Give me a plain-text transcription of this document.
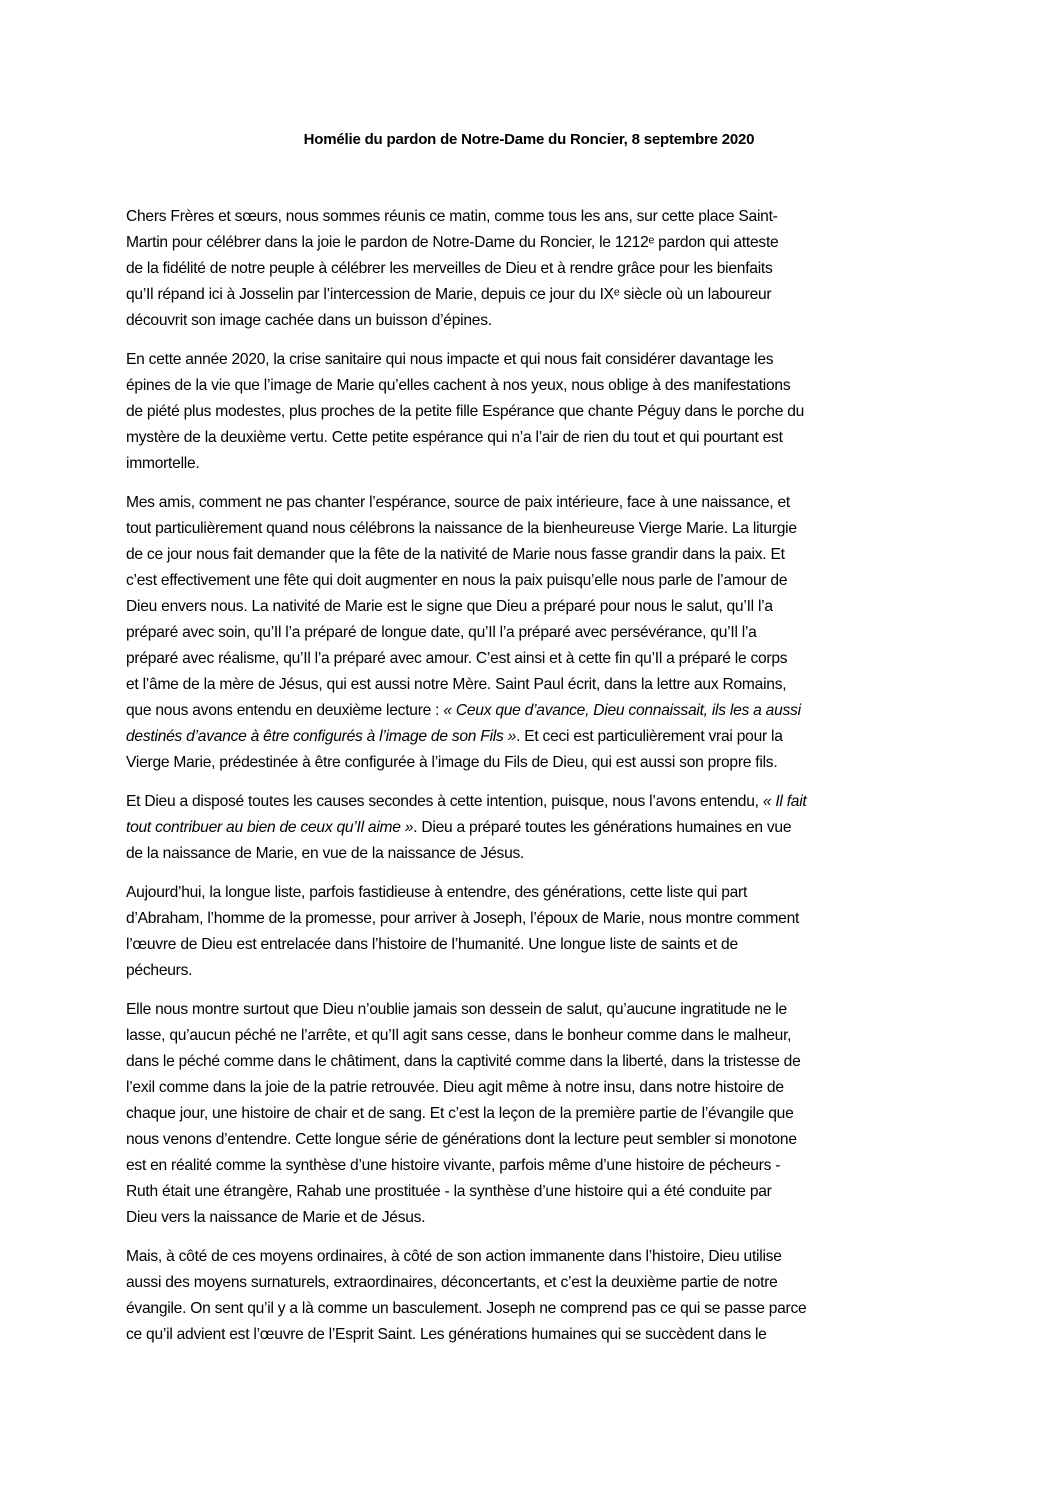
Homélie du pardon de Notre-Dame du Roncier, 8 septembre 2020

Chers Frères et sœurs, nous sommes réunis ce matin, comme tous les ans, sur cette place Saint-
Martin pour célébrer dans la joie le pardon de Notre-Dame du Roncier, le 1212ᵉ pardon qui atteste
de la fidélité de notre peuple à célébrer les merveilles de Dieu et à rendre grâce pour les bienfaits
qu’Il répand ici à Josselin par l’intercession de Marie, depuis ce jour du IXᵉ siècle où un laboureur
découvrit son image cachée dans un buisson d’épines.

En cette année 2020, la crise sanitaire qui nous impacte et qui nous fait considérer davantage les
épines de la vie que l’image de Marie qu’elles cachent à nos yeux, nous oblige à des manifestations
de piété plus modestes, plus proches de la petite fille Espérance que chante Péguy dans le porche du
mystère de la deuxième vertu. Cette petite espérance qui n’a l’air de rien du tout et qui pourtant est
immortelle.

Mes amis, comment ne pas chanter l’espérance, source de paix intérieure, face à une naissance, et
tout particulièrement quand nous célébrons la naissance de la bienheureuse Vierge Marie. La liturgie
de ce jour nous fait demander que la fête de la nativité de Marie nous fasse grandir dans la paix. Et
c’est effectivement une fête qui doit augmenter en nous la paix puisqu’elle nous parle de l’amour de
Dieu envers nous. La nativité de Marie est le signe que Dieu a préparé pour nous le salut, qu’Il l’a
préparé avec soin, qu’Il l’a préparé de longue date, qu’Il l’a préparé avec persévérance, qu’Il l’a
préparé avec réalisme, qu’Il l’a préparé avec amour. C’est ainsi et à cette fin qu’Il a préparé le corps
et l’âme de la mère de Jésus, qui est aussi notre Mère. Saint Paul écrit, dans la lettre aux Romains,
que nous avons entendu en deuxième lecture : « Ceux que d’avance, Dieu connaissait, ils les a aussi
destinés d’avance à être configurés à l’image de son Fils ». Et ceci est particulièrement vrai pour la
Vierge Marie, prédestinée à être configurée à l’image du Fils de Dieu, qui est aussi son propre fils.

Et Dieu a disposé toutes les causes secondes à cette intention, puisque, nous l’avons entendu, « Il fait
tout contribuer au bien de ceux qu’Il aime ». Dieu a préparé toutes les générations humaines en vue
de la naissance de Marie, en vue de la naissance de Jésus.

Aujourd’hui, la longue liste, parfois fastidieuse à entendre, des générations, cette liste qui part
d’Abraham, l’homme de la promesse, pour arriver à Joseph, l’époux de Marie, nous montre comment
l’œuvre de Dieu est entrelacée dans l’histoire de l’humanité. Une longue liste de saints et de
pécheurs.

Elle nous montre surtout que Dieu n’oublie jamais son dessein de salut, qu’aucune ingratitude ne le
lasse, qu’aucun péché ne l’arrête, et qu’Il agit sans cesse, dans le bonheur comme dans le malheur,
dans le péché comme dans le châtiment, dans la captivité comme dans la liberté, dans la tristesse de
l’exil comme dans la joie de la patrie retrouvée. Dieu agit même à notre insu, dans notre histoire de
chaque jour, une histoire de chair et de sang. Et c’est la leçon de la première partie de l’évangile que
nous venons d’entendre. Cette longue série de générations dont la lecture peut sembler si monotone
est en réalité comme la synthèse d’une histoire vivante, parfois même d’une histoire de pécheurs -
Ruth était une étrangère, Rahab une prostituée - la synthèse d’une histoire qui a été conduite par
Dieu vers la naissance de Marie et de Jésus.

Mais, à côté de ces moyens ordinaires, à côté de son action immanente dans l’histoire, Dieu utilise
aussi des moyens surnaturels, extraordinaires, déconcertants, et c’est la deuxième partie de notre
évangile. On sent qu’il y a là comme un basculement. Joseph ne comprend pas ce qui se passe parce
ce qu’il advient est l’œuvre de l’Esprit Saint. Les générations humaines qui se succèdent dans le
